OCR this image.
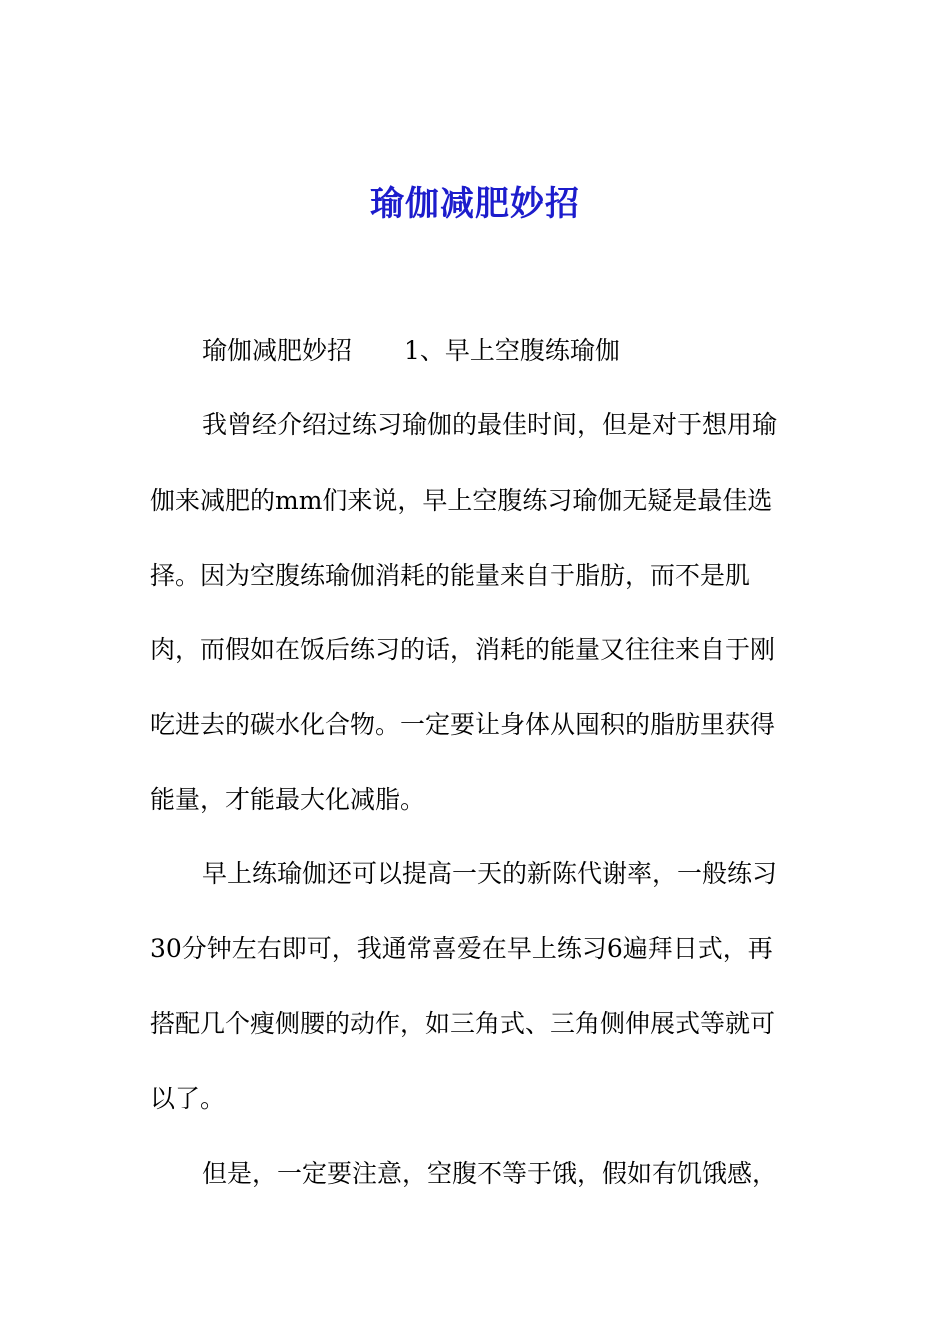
瑜伽减肥妙招
瑜伽减肥妙招 1、早上空腹练瑜伽
我曾经介绍过练习瑜伽的最佳时间，但是对于想用瑜
伽来减肥的mm们来说，早上空腹练习瑜伽无疑是最佳选
择。因为空腹练瑜伽消耗的能量来自于脂肪，而不是肌
肉，而假如在饭后练习的话，消耗的能量又往往来自于刚
吃进去的碳水化合物。一定要让身体从囤积的脂肪里获得
能量，才能最大化减脂。
早上练瑜伽还可以提高一天的新陈代谢率，一般练习
30分钟左右即可，我通常喜爱在早上练习6遍拜日式，再
搭配几个瘦侧腰的动作，如三角式、三角侧伸展式等就可
以了。
但是，一定要注意，空腹不等于饿，假如有饥饿感，
